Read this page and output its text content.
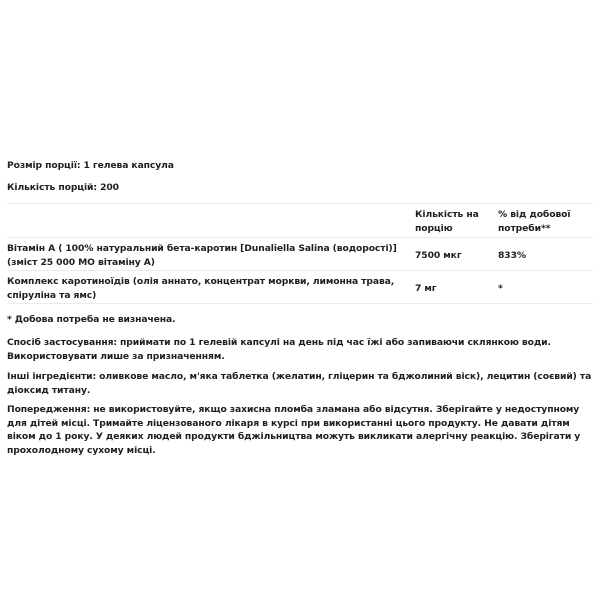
Розмір порції: 1 гелева капсула
Кількість порцій: 200
Кількість на порцію
% від добової потреби**
Вітамін А ( 100% натуральний бета-каротин [Dunaliella Salina (водорості)] (зміст 25 000 МО вітаміну А)
7500 мкг	833%
Комплекс каротиноїдів (олія аннато, концентрат моркви, лимонна трава, спіруліна та ямс)
7 мг	*
* Добова потреба не визначена.
Спосіб застосування: приймати по 1 гелевій капсулі на день під час їжі або запиваючи склянкою води. Використовувати лише за призначенням.
Інші інгредієнти: оливкове масло, м'яка таблетка (желатин, гліцерин та бджолиний віск), лецитин (соєвий) та діоксид титану.
Попередження: не використовуйте, якщо захисна пломба зламана або відсутня. Зберігайте у недоступному для дітей місці. Тримайте ліцензованого лікаря в курсі при використанні цього продукту. Не давати дітям віком до 1 року. У деяких людей продукти бджільництва можуть викликати алергічну реакцію. Зберігати у прохолодному сухому місці.
